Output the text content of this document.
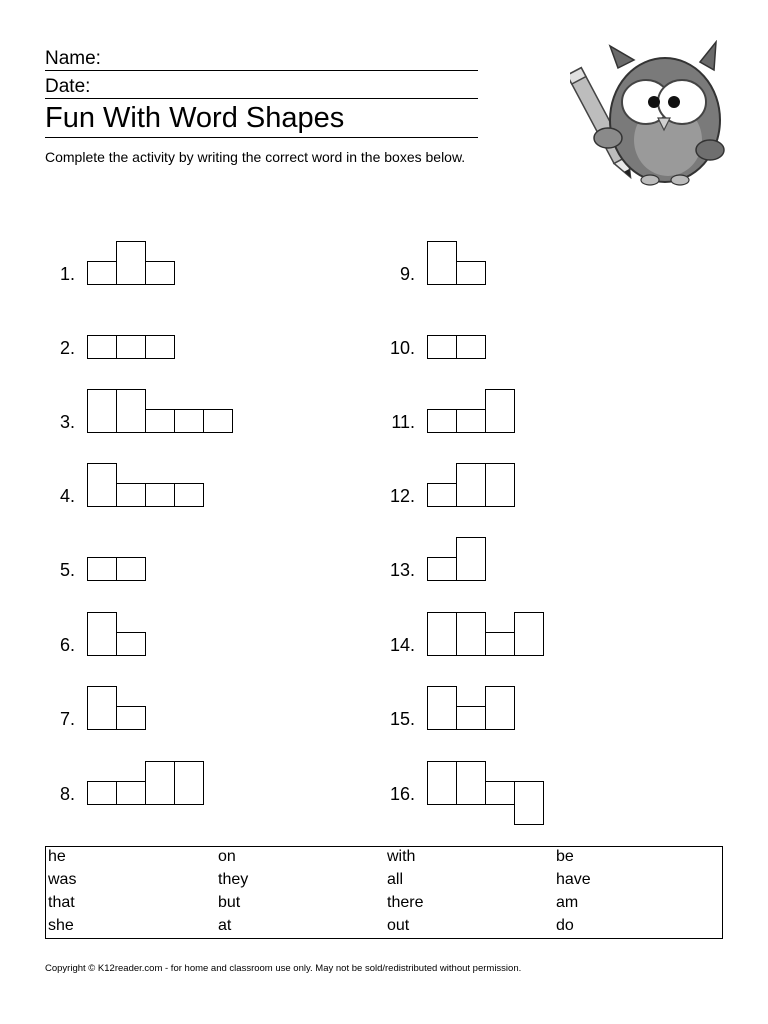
Name:
Date:
Fun With Word Shapes
Complete the activity by writing the correct word in the boxes below.
1.
2.
3.
4.
5.
6.
7.
8.
9.
10.
11.
12.
13.
14.
15.
16.
he	on	with	be
was	they	all	have
that	but	there	am
she	at	out	do
Copyright © K12reader.com - for home and classroom use only. May not be sold/redistributed without permission.
